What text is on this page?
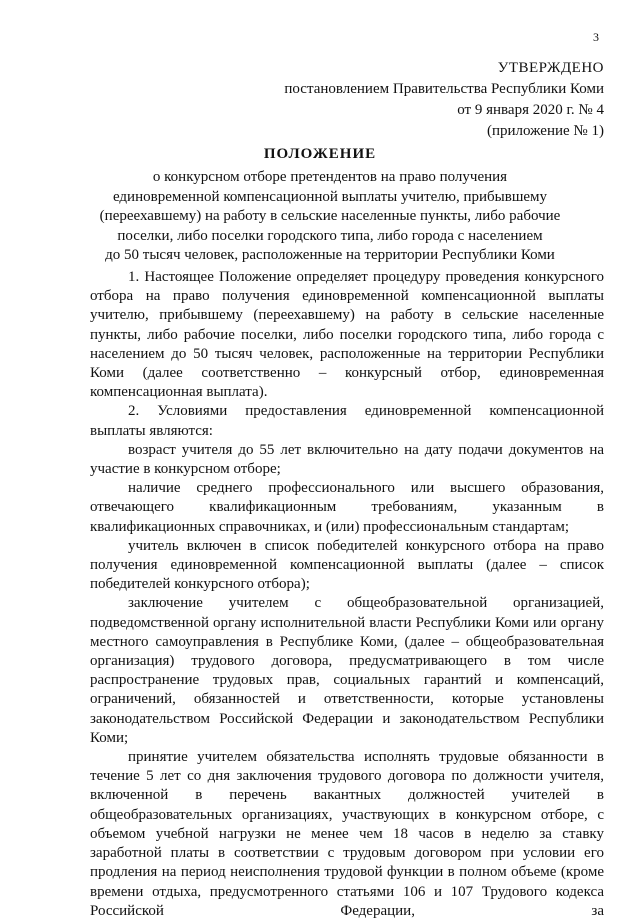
3
УТВЕРЖДЕНО
постановлением Правительства Республики Коми
от 9 января 2020 г. № 4
(приложение № 1)
ПОЛОЖЕНИЕ
о конкурсном отборе претендентов на право получения
единовременной компенсационной выплаты учителю, прибывшему
(переехавшему) на работу в сельские населенные пункты, либо рабочие
поселки, либо поселки городского типа, либо города с населением
до 50 тысяч человек, расположенные на территории Республики Коми

1. Настоящее Положение определяет процедуру проведения конкурсного отбора на право получения единовременной компенсационной выплаты учителю, прибывшему (переехавшему) на работу в сельские населенные пункты, либо рабочие поселки, либо поселки городского типа, либо города с населением до 50 тысяч человек, расположенные на территории Республики Коми (далее соответственно – конкурсный отбор, единовременная компенсационная выплата).

2. Условиями предоставления единовременной компенсационной выплаты являются:

возраст учителя до 55 лет включительно на дату подачи документов на участие в конкурсном отборе;

наличие среднего профессионального или высшего образования, отвечающего квалификационным требованиям, указанным в квалификационных справочниках, и (или) профессиональным стандартам;

учитель включен в список победителей конкурсного отбора на право получения единовременной компенсационной выплаты (далее – список победителей конкурсного отбора);

заключение учителем с общеобразовательной организацией, подведомственной органу исполнительной власти Республики Коми или органу местного самоуправления в Республике Коми, (далее – общеобразовательная организация) трудового договора, предусматривающего в том числе распространение трудовых прав, социальных гарантий и компенсаций, ограничений, обязанностей и ответственности, которые установлены законодательством Российской Федерации и законодательством Республики Коми;

принятие учителем обязательства исполнять трудовые обязанности в течение 5 лет со дня заключения трудового договора по должности учителя, включенной в перечень вакантных должностей учителей в общеобразовательных организациях, участвующих в конкурсном отборе, с объемом учебной нагрузки не менее чем 18 часов в неделю за ставку заработной платы в соответствии с трудовым договором при условии его продления на период неисполнения трудовой функции в полном объеме (кроме времени отдыха, предусмотренного статьями 106 и 107 Трудового кодекса Российской Федерации, за
